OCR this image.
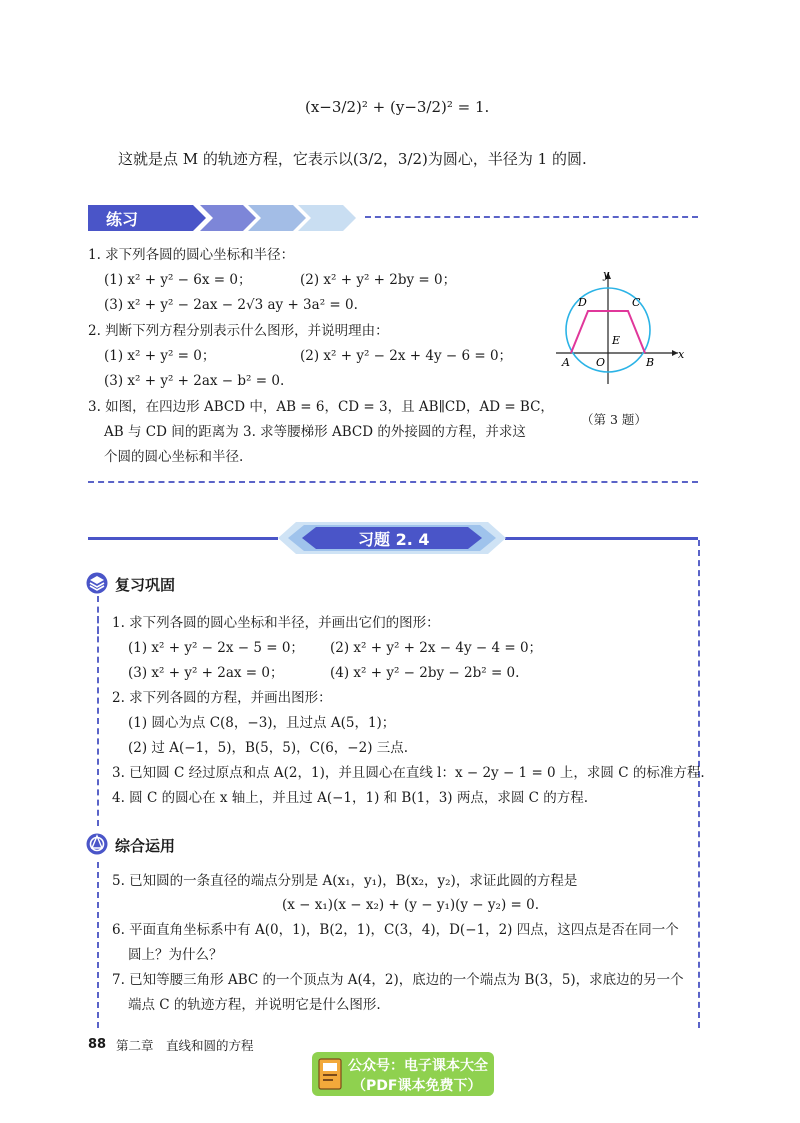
(x−3/2)² + (y−3/2)² = 1.
这就是点 M 的轨迹方程，它表示以(3/2，3/2)为圆心，半径为 1 的圆.
练习
1. 求下列各圆的圆心坐标和半径：
(1) x² + y² − 6x = 0；	(2) x² + y² + 2by = 0；
(3) x² + y² − 2ax − 2√3 ay + 3a² = 0.
2. 判断下列方程分别表示什么图形，并说明理由：
(1) x² + y² = 0；	(2) x² + y² − 2x + 4y − 6 = 0；
(3) x² + y² + 2ax − b² = 0.
3. 如图，在四边形 ABCD 中，AB = 6，CD = 3，且 AB∥CD，AD = BC，
AB 与 CD 间的距离为 3. 求等腰梯形 ABCD 的外接圆的方程，并求这
个圆的圆心坐标和半径.
y
x
D	C
E
A O	B
（第 3 题）
习题 2. 4
复习巩固
1. 求下列各圆的圆心坐标和半径，并画出它们的图形：
(1) x² + y² − 2x − 5 = 0； (2) x² + y² + 2x − 4y − 4 = 0；
(3) x² + y² + 2ax = 0；	(4) x² + y² − 2by − 2b² = 0.
2. 求下列各圆的方程，并画出图形：
(1) 圆心为点 C(8，−3)，且过点 A(5，1)；
(2) 过 A(−1，5)，B(5，5)，C(6，−2) 三点.
3. 已知圆 C 经过原点和点 A(2，1)，并且圆心在直线 l：x − 2y − 1 = 0 上，求圆 C 的标准方程.
4. 圆 C 的圆心在 x 轴上，并且过 A(−1，1) 和 B(1，3) 两点，求圆 C 的方程.
综合运用
5. 已知圆的一条直径的端点分别是 A(x₁，y₁)，B(x₂，y₂)，求证此圆的方程是
(x − x₁)(x − x₂) + (y − y₁)(y − y₂) = 0.
6. 平面直角坐标系中有 A(0，1)，B(2，1)，C(3，4)，D(−1，2) 四点，这四点是否在同一个
圆上？为什么？
7. 已知等腰三角形 ABC 的一个顶点为 A(4，2)，底边的一个端点为 B(3，5)，求底边的另一个
端点 C 的轨迹方程，并说明它是什么图形.
88 第二章　直线和圆的方程
公众号：电子课本大全
（PDF课本免费下）
